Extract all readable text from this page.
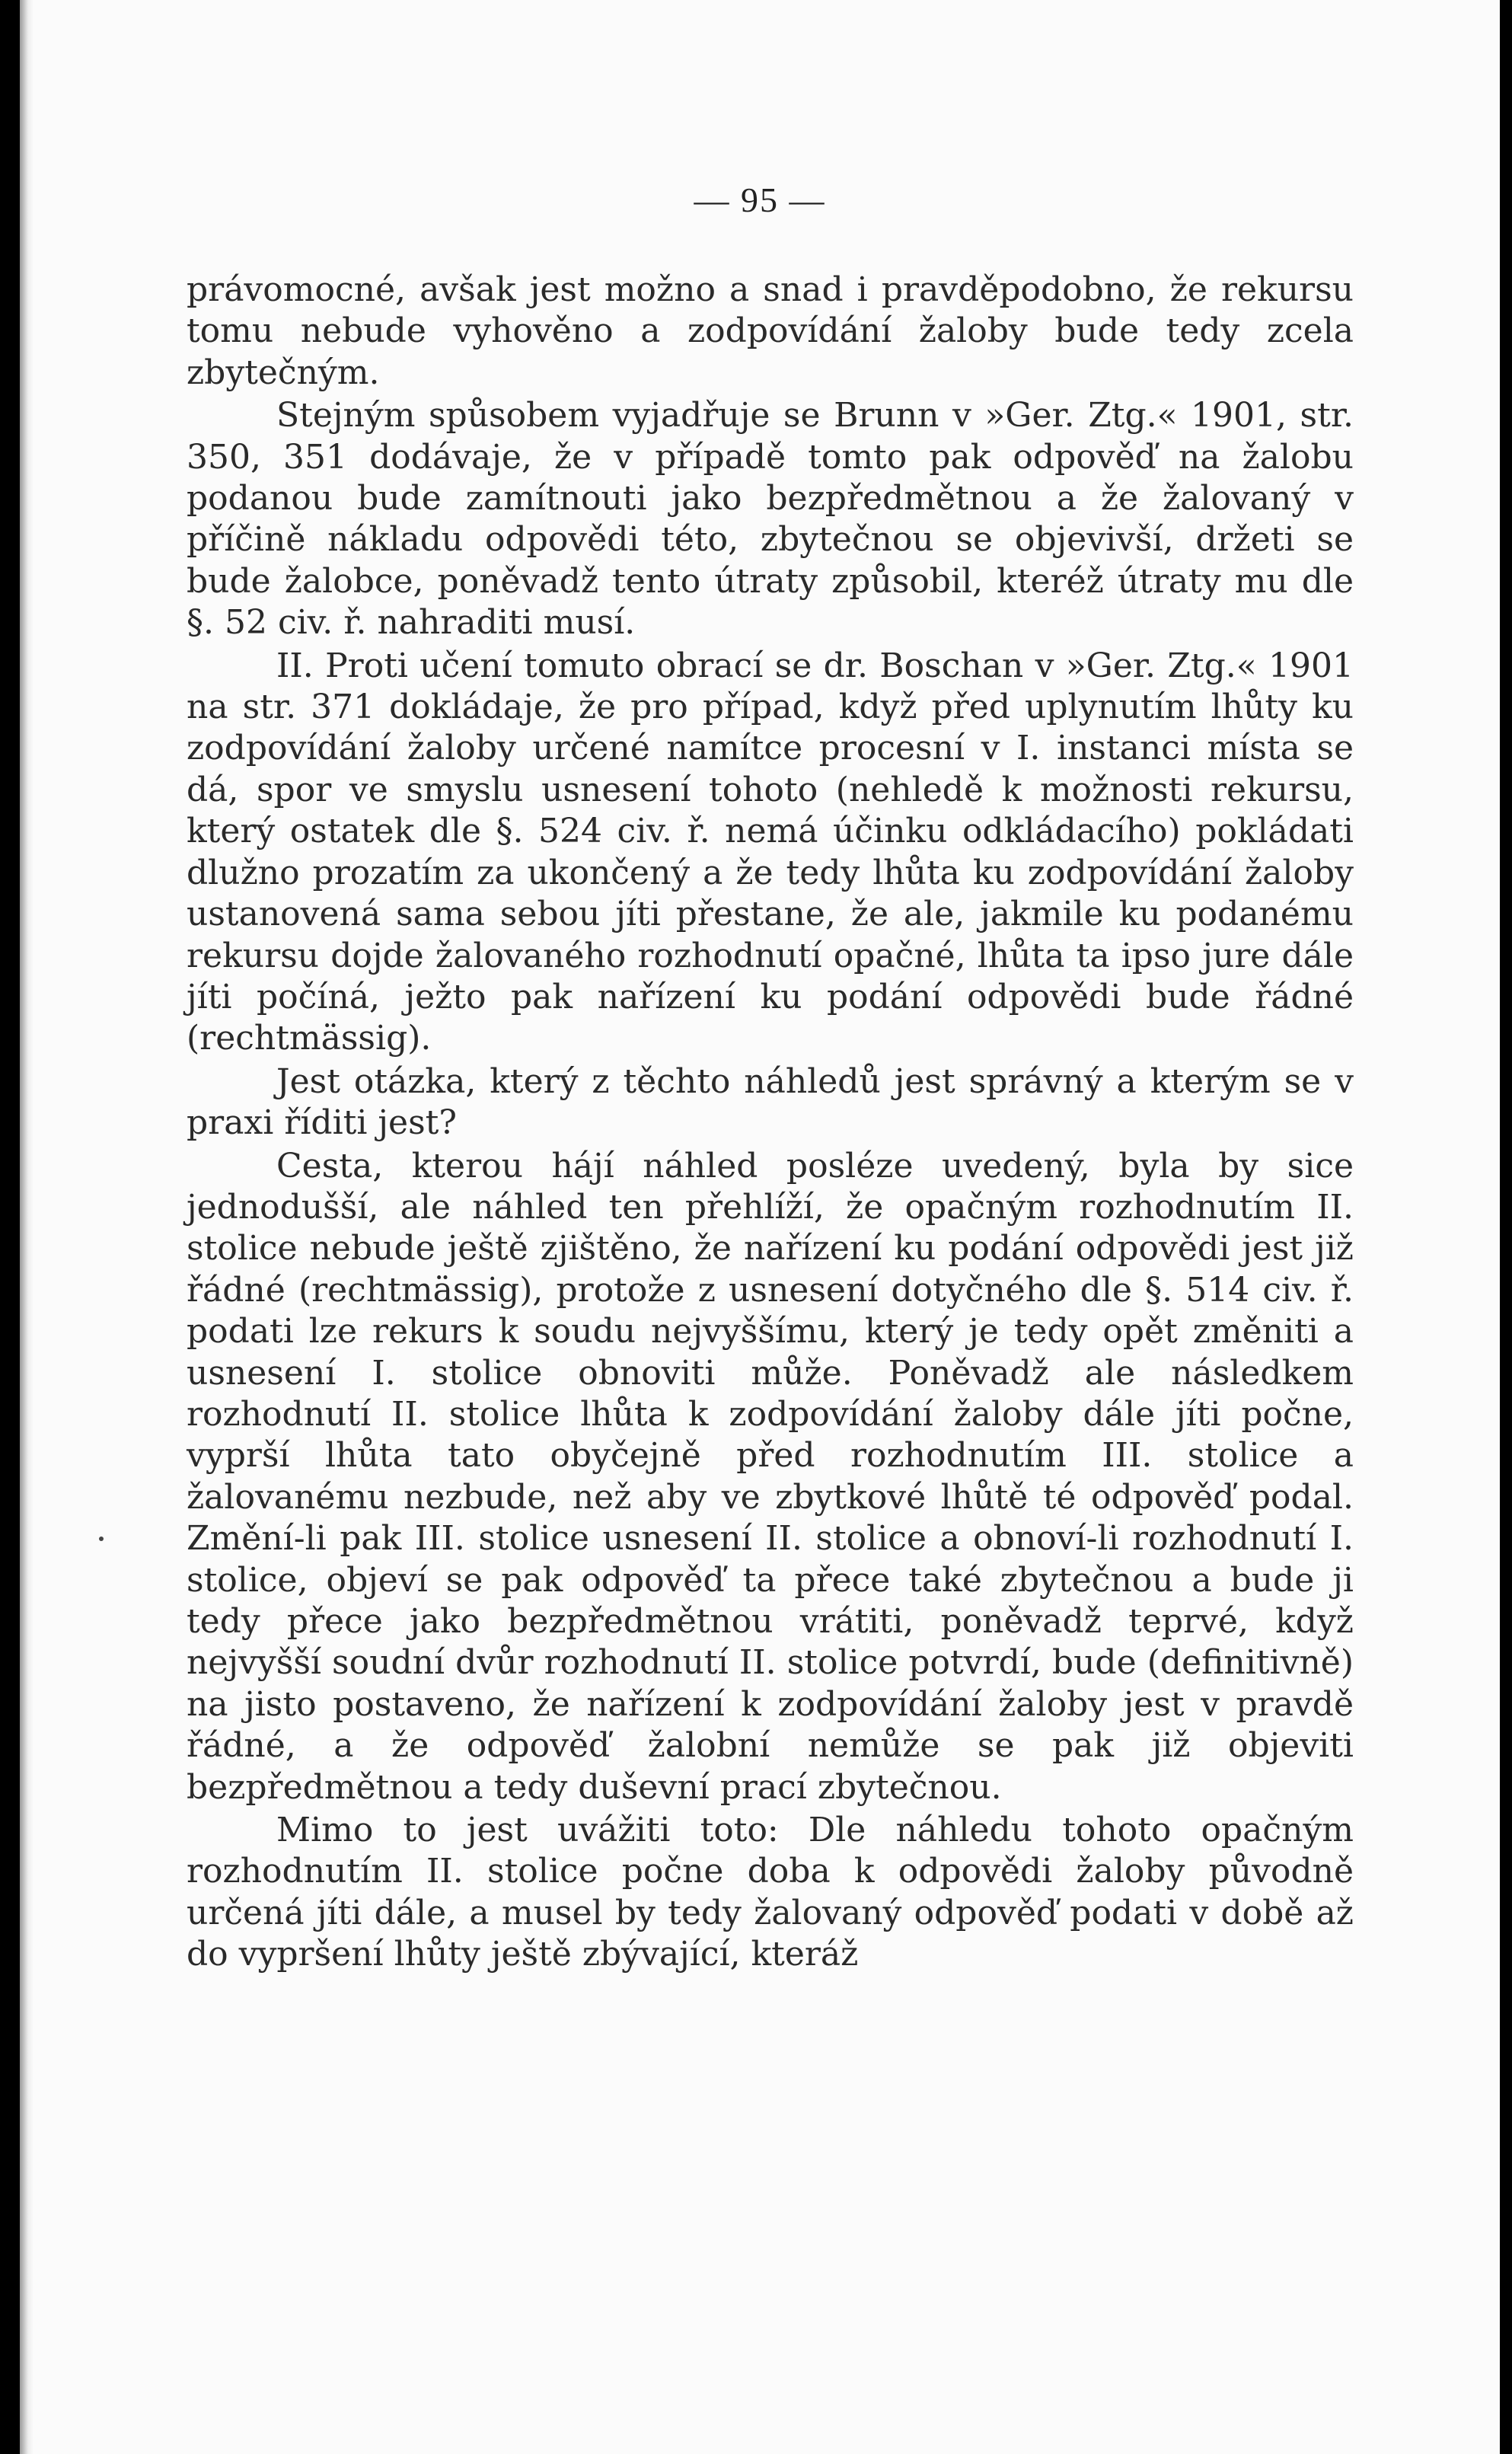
— 95 —

právomocné, avšak jest možno a snad i pravděpodobno, že rekursu tomu nebude vyhověno a zodpovídání žaloby bude tedy zcela zbytečným.

Stejným spůsobem vyjadřuje se Brunn v »Ger. Ztg.« 1901, str. 350, 351 dodávaje, že v případě tomto pak odpověď na žalobu podanou bude zamítnouti jako bezpředmětnou a že žalovaný v příčině nákladu odpovědi této, zbytečnou se objevivší, držeti se bude žalobce, poněvadž tento útraty způsobil, kteréž útraty mu dle §. 52 civ. ř. nahraditi musí.

II. Proti učení tomuto obrací se dr. Boschan v »Ger. Ztg.« 1901 na str. 371 dokládaje, že pro případ, když před uplynutím lhůty ku zodpovídání žaloby určené namítce procesní v I. instanci místa se dá, spor ve smyslu usnesení tohoto (nehledě k možnosti rekursu, který ostatek dle §. 524 civ. ř. nemá účinku odkládacího) pokládati dlužno prozatím za ukončený a že tedy lhůta ku zodpovídání žaloby ustanovená sama sebou jíti přestane, že ale, jakmile ku podanému rekursu dojde žalovaného rozhodnutí opačné, lhůta ta ipso jure dále jíti počíná, ježto pak nařízení ku podání odpovědi bude řádné (rechtmässig).

Jest otázka, který z těchto náhledů jest správný a kterým se v praxi říditi jest?

Cesta, kterou hájí náhled posléze uvedený, byla by sice jednodušší, ale náhled ten přehlíží, že opačným rozhodnutím II. stolice nebude ještě zjištěno, že nařízení ku podání odpovědi jest již řádné (rechtmässig), protože z usnesení dotyčného dle §. 514 civ. ř. podati lze rekurs k soudu nejvyššímu, který je tedy opět změniti a usnesení I. stolice obnoviti může. Poněvadž ale následkem rozhodnutí II. stolice lhůta k zodpovídání žaloby dále jíti počne, vyprší lhůta tato obyčejně před rozhodnutím III. stolice a žalovanému nezbude, než aby ve zbytkové lhůtě té odpověď podal. Změní-li pak III. stolice usnesení II. stolice a obnoví-li rozhodnutí I. stolice, objeví se pak odpověď ta přece také zbytečnou a bude ji tedy přece jako bezpředmětnou vrátiti, poněvadž teprvé, když nejvyšší soudní dvůr rozhodnutí II. stolice potvrdí, bude (definitivně) na jisto postaveno, že nařízení k zodpovídání žaloby jest v pravdě řádné, a že odpověď žalobní nemůže se pak již objeviti bezpředmětnou a tedy duševní prací zbytečnou.

Mimo to jest uvážiti toto: Dle náhledu tohoto opačným rozhodnutím II. stolice počne doba k odpovědi žaloby původně určená jíti dále, a musel by tedy žalovaný odpověď podati v době až do vypršení lhůty ještě zbývající, kteráž
